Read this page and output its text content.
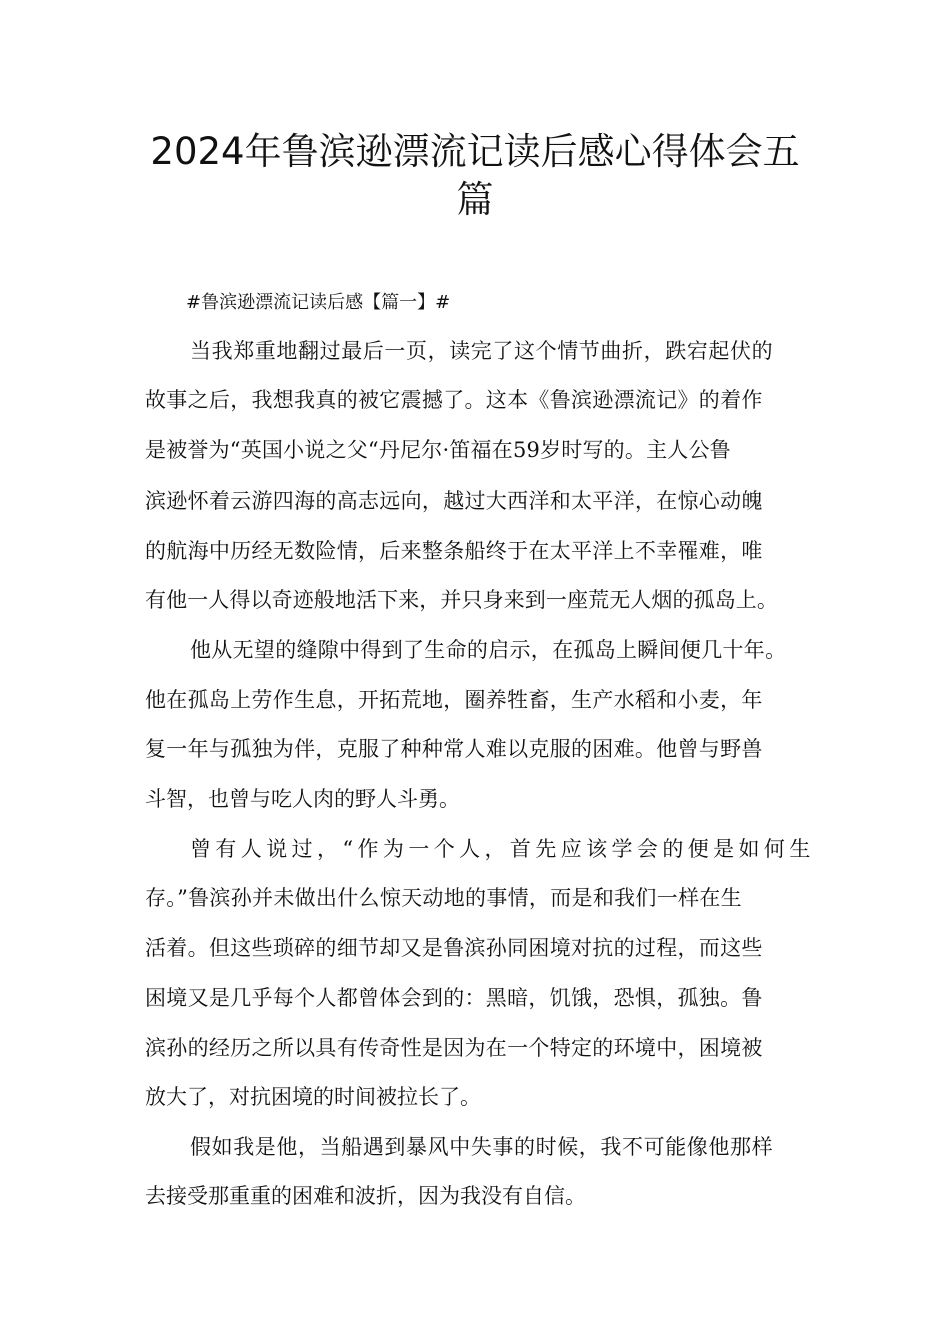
2024年鲁滨逊漂流记读后感心得体会五篇
#鲁滨逊漂流记读后感【篇一】#
当我郑重地翻过最后一页，读完了这个情节曲折，跌宕起伏的
故事之后，我想我真的被它震撼了。这本《鲁滨逊漂流记》的着作
是被誉为“英国小说之父“丹尼尔·笛福在59岁时写的。主人公鲁
滨逊怀着云游四海的高志远向，越过大西洋和太平洋，在惊心动魄
的航海中历经无数险情，后来整条船终于在太平洋上不幸罹难，唯
有他一人得以奇迹般地活下来，并只身来到一座荒无人烟的孤岛上。
他从无望的缝隙中得到了生命的启示，在孤岛上瞬间便几十年。
他在孤岛上劳作生息，开拓荒地，圈养牲畜，生产水稻和小麦，年
复一年与孤独为伴，克服了种种常人难以克服的困难。他曾与野兽
斗智，也曾与吃人肉的野人斗勇。
曾有人说过，“作为一个人，首先应该学会的便是如何生
存。”鲁滨孙并未做出什么惊天动地的事情，而是和我们一样在生
活着。但这些琐碎的细节却又是鲁滨孙同困境对抗的过程，而这些
困境又是几乎每个人都曾体会到的：黑暗，饥饿，恐惧，孤独。鲁
滨孙的经历之所以具有传奇性是因为在一个特定的环境中，困境被
放大了，对抗困境的时间被拉长了。
假如我是他，当船遇到暴风中失事的时候，我不可能像他那样
去接受那重重的困难和波折，因为我没有自信。
